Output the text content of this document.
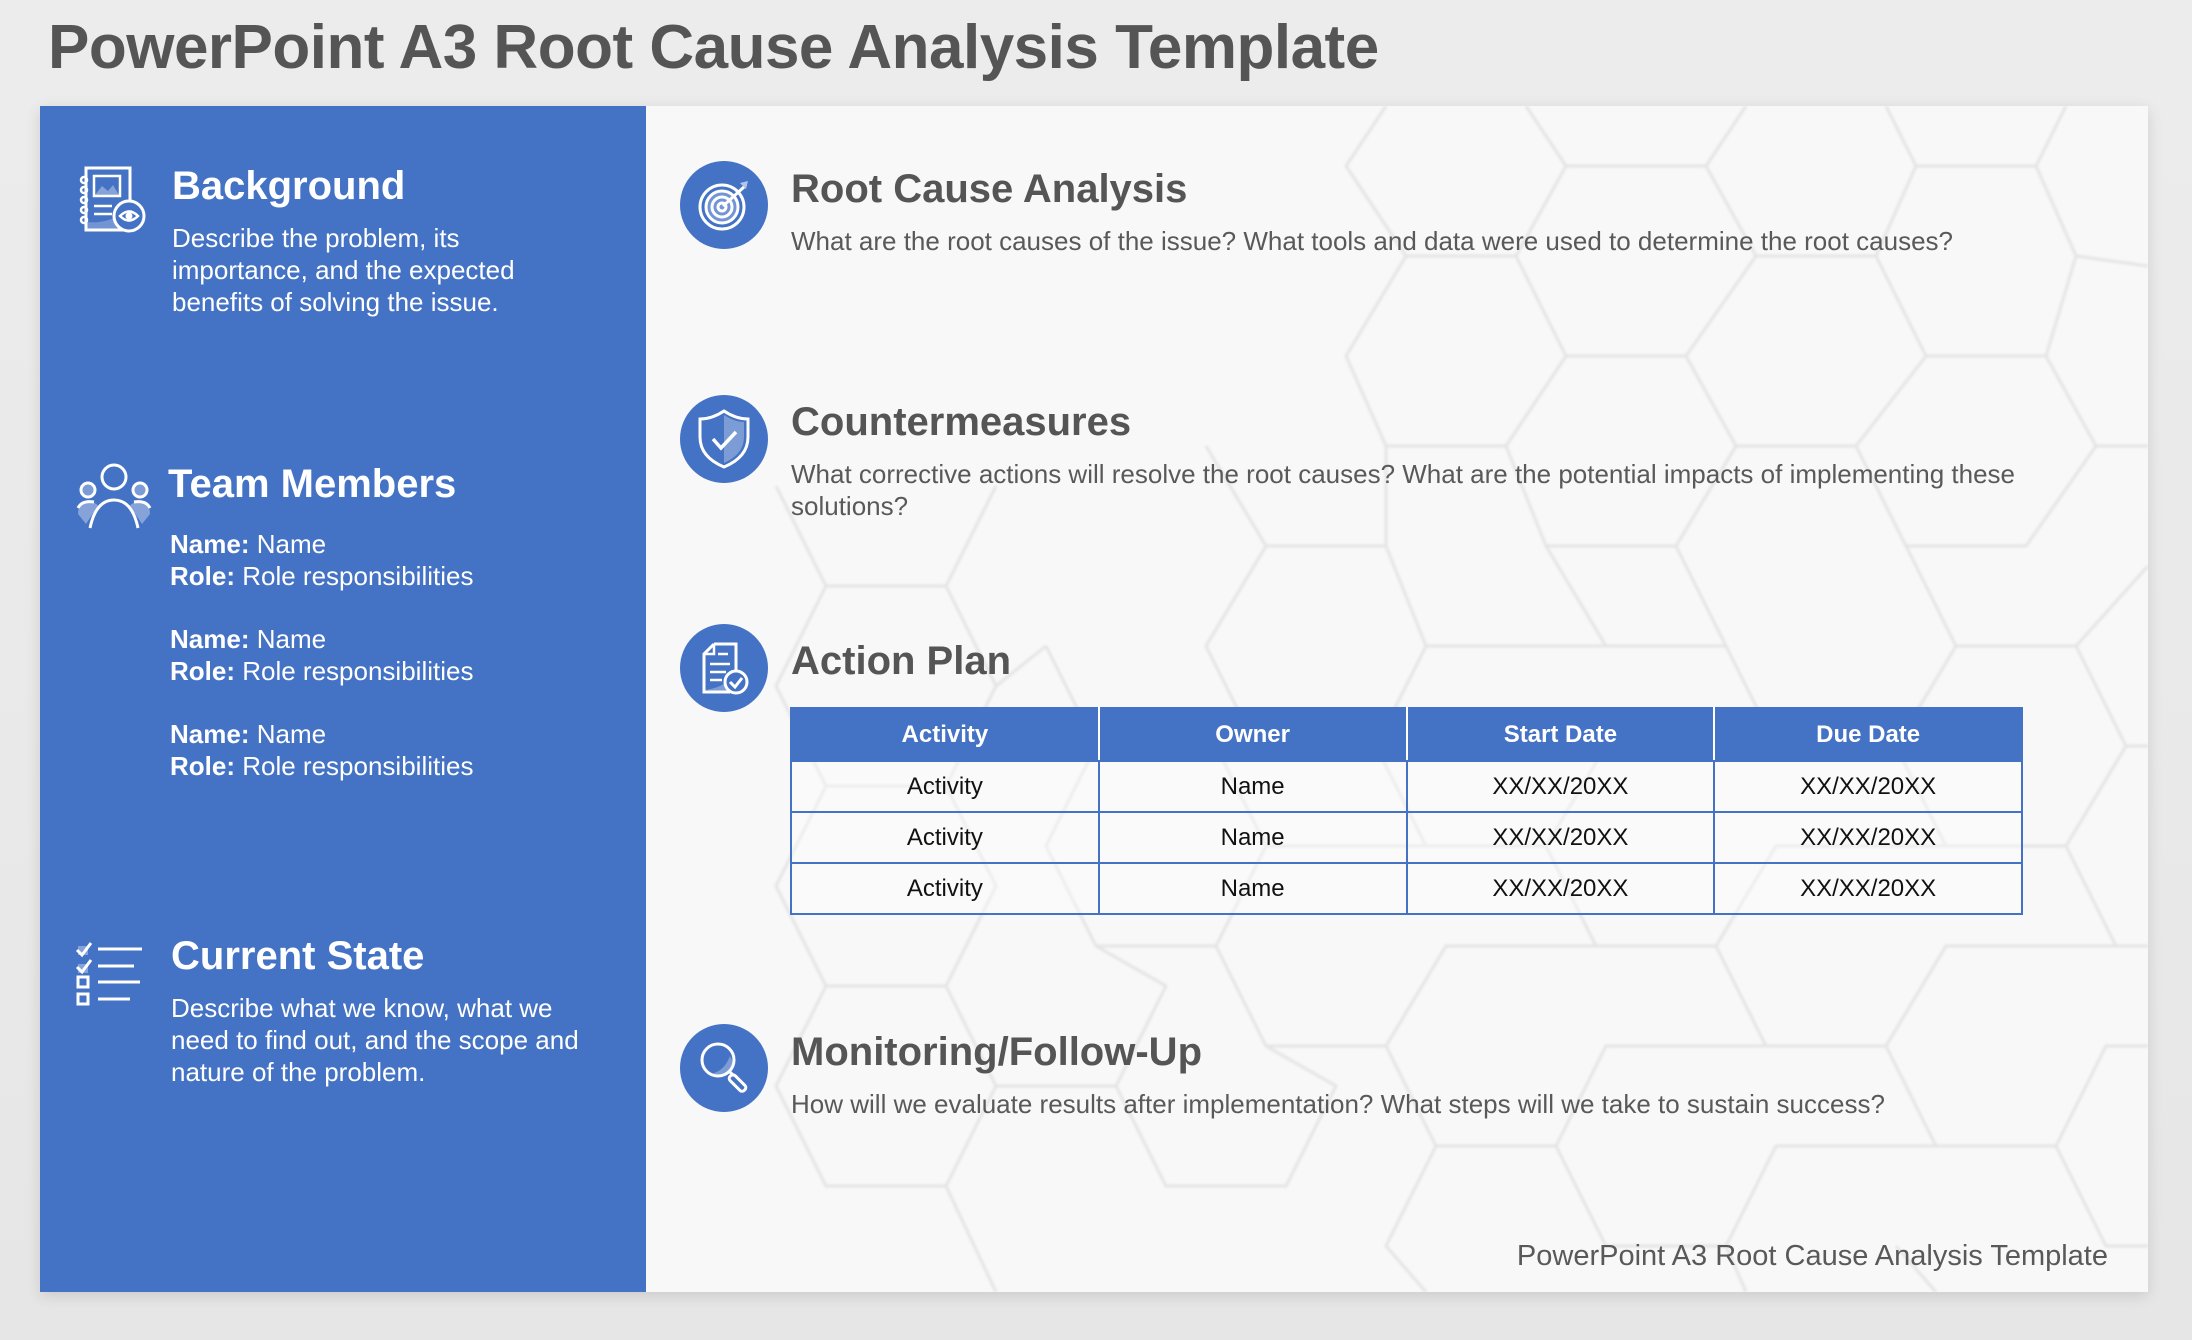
PowerPoint A3 Root Cause Analysis Template
Background
Describe the problem, its importance, and the expected benefits of solving the issue.
Team Members
Name: Name
Role: Role responsibilities
Name: Name
Role: Role responsibilities
Name: Name
Role: Role responsibilities
Current State
Describe what we know, what we need to find out, and the scope and nature of the problem.
Root Cause Analysis
What are the root causes of the issue? What tools and data were used to determine the root causes?
Countermeasures
What corrective actions will resolve the root causes? What are the potential impacts of implementing these solutions?
Action Plan
Activity	Owner	Start Date	Due Date
Activity	Name	XX/XX/20XX	XX/XX/20XX
Activity	Name	XX/XX/20XX	XX/XX/20XX
Activity	Name	XX/XX/20XX	XX/XX/20XX
Monitoring/Follow-Up
How will we evaluate results after implementation? What steps will we take to sustain success?
PowerPoint A3 Root Cause Analysis Template
